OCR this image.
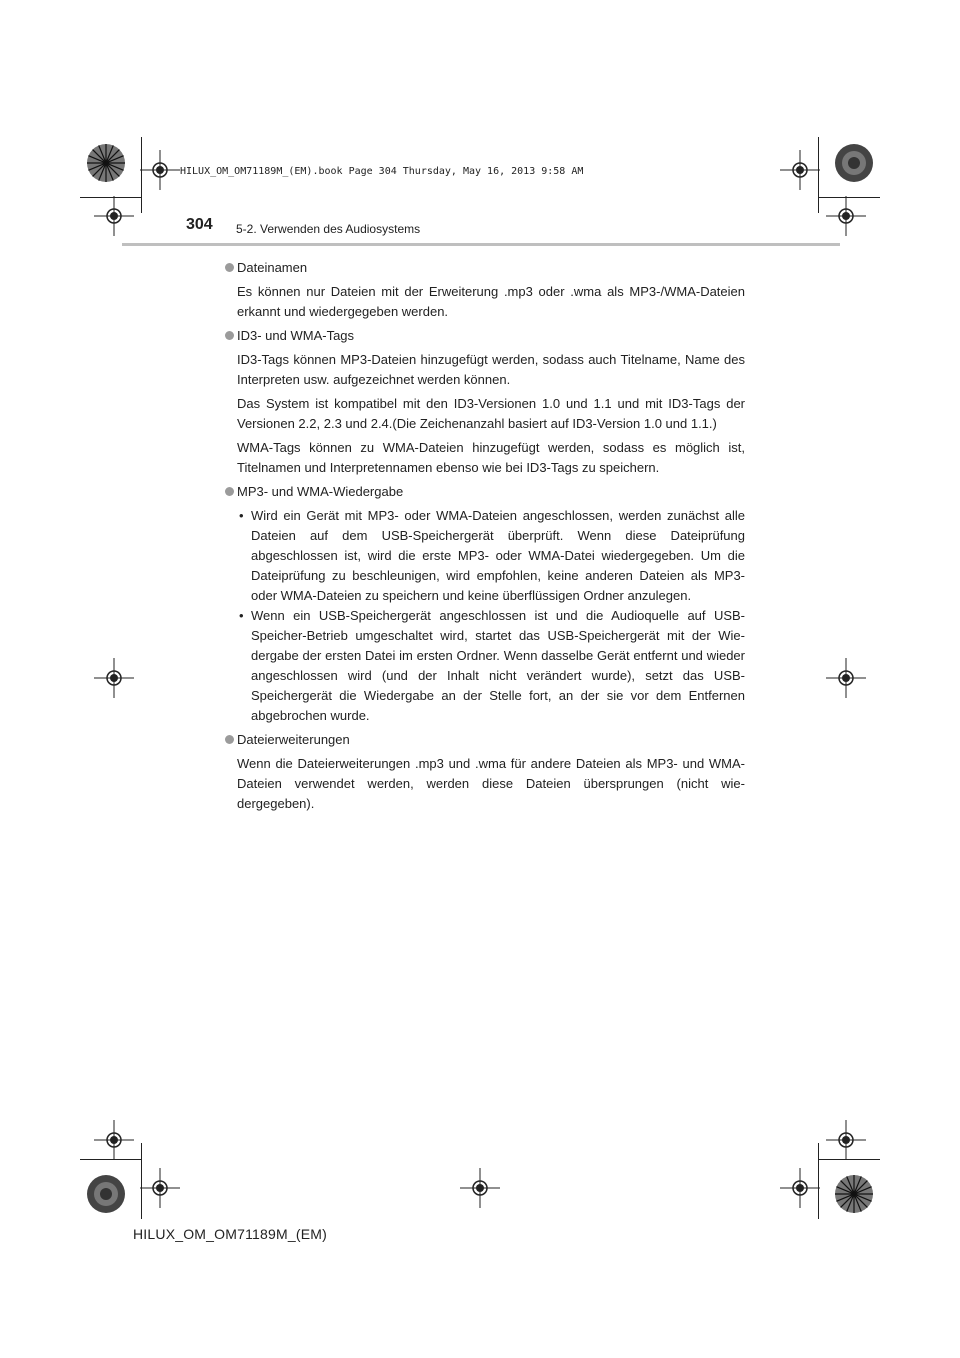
HILUX_OM_OM71189M_(EM).book Page 304 Thursday, May 16, 2013 9:58 AM
304 5-2. Verwenden des Audiosystems
Dateinamen

Es können nur Dateien mit der Erweiterung .mp3 oder .wma als MP3-/WMA-Dateien erkannt und wiedergegeben werden.

ID3- und WMA-Tags

ID3-Tags können MP3-Dateien hinzugefügt werden, sodass auch Titelname, Name des Interpreten usw. aufgezeichnet werden können.

Das System ist kompatibel mit den ID3-Versionen 1.0 und 1.1 und mit ID3-Tags der Versionen 2.2, 2.3 und 2.4.(Die Zeichenanzahl basiert auf ID3-Version 1.0 und 1.1.)

WMA-Tags können zu WMA-Dateien hinzugefügt werden, sodass es möglich ist, Titelnamen und Interpretennamen ebenso wie bei ID3-Tags zu speichern.

MP3- und WMA-Wiedergabe
• Wird ein Gerät mit MP3- oder WMA-Dateien angeschlossen, werden zunächst alle Dateien auf dem USB-Speichergerät überprüft. Wenn diese Dateiprüfung abgeschlossen ist, wird die erste MP3- oder WMA-Datei wiedergegeben. Um die Dateiprüfung zu beschleunigen, wird empfohlen, keine anderen Dateien als MP3- oder WMA-Dateien zu speichern und keine überflüssigen Ordner anzulegen.
• Wenn ein USB-Speichergerät angeschlossen ist und die Audioquelle auf USB-Speicher-Betrieb umgeschaltet wird, startet das USB-Speichergerät mit der Wie-dergabe der ersten Datei im ersten Ordner. Wenn dasselbe Gerät entfernt und wieder angeschlossen wird (und der Inhalt nicht verändert wurde), setzt das USB-Speichergerät die Wiedergabe an der Stelle fort, an der sie vor dem Entfernen abgebrochen wurde.
Dateierweiterungen

Wenn die Dateierweiterungen .mp3 und .wma für andere Dateien als MP3- und WMA-Dateien verwendet werden, werden diese Dateien übersprungen (nicht wie-dergegeben).

HILUX_OM_OM71189M_(EM)
